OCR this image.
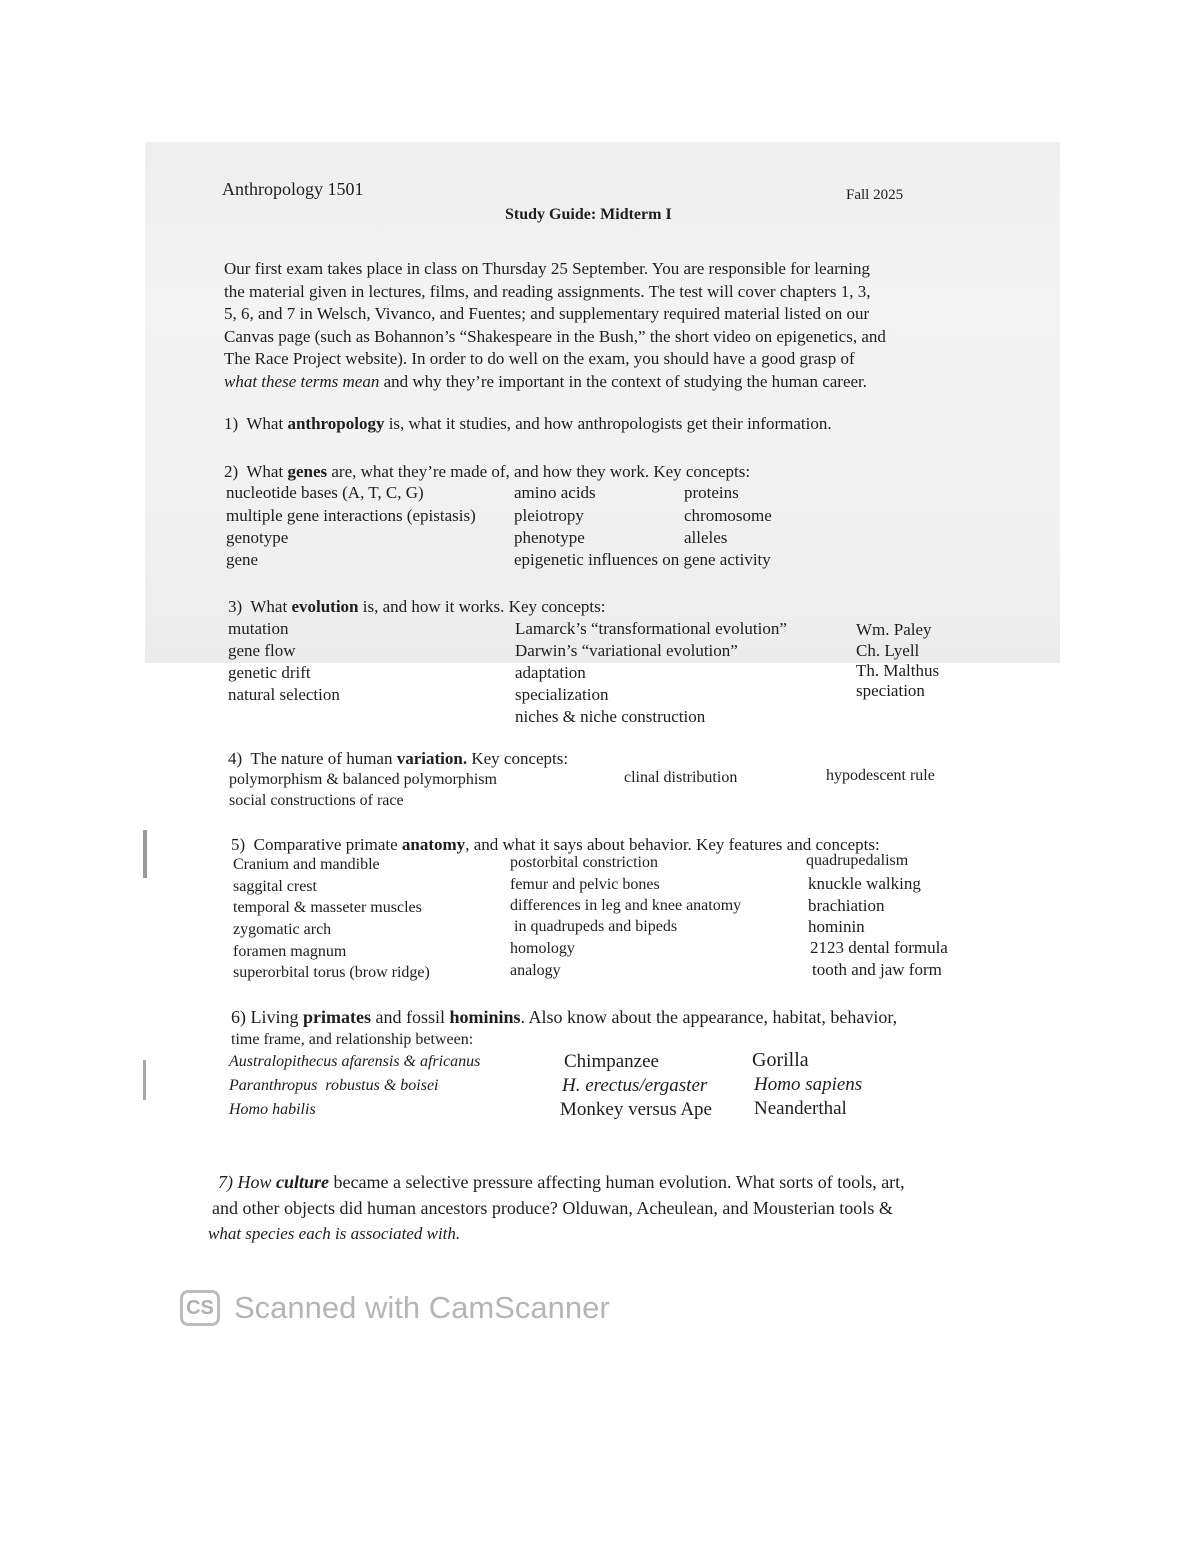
Anthropology 1501	Fall 2025
Study Guide: Midterm I
Our first exam takes place in class on Thursday 25 September. You are responsible for learning
the material given in lectures, films, and reading assignments. The test will cover chapters 1, 3,
5, 6, and 7 in Welsch, Vivanco, and Fuentes; and supplementary required material listed on our
Canvas page (such as Bohannon’s “Shakespeare in the Bush,” the short video on epigenetics, and
The Race Project website). In order to do well on the exam, you should have a good grasp of
what these terms mean and why they’re important in the context of studying the human career.
1) What anthropology is, what it studies, and how anthropologists get their information.
2) What genes are, what they’re made of, and how they work. Key concepts:
nucleotide bases (A, T, C, G)
multiple gene interactions (epistasis)
genotype
gene
amino acids
pleiotropy
phenotype
epigenetic influences on gene activity
proteins
chromosome
alleles
3) What evolution is, and how it works. Key concepts:
mutation
gene flow
genetic drift
natural selection
Lamarck’s “transformational evolution”
Darwin’s “variational evolution”
adaptation
specialization
niches & niche construction
Wm. Paley
Ch. Lyell
Th. Malthus
speciation
4) The nature of human variation. Key concepts:
polymorphism & balanced polymorphism
social constructions of race
clinal distribution	hypodescent rule
5) Comparative primate anatomy, and what it says about behavior. Key features and concepts:
Cranium and mandible
saggital crest
temporal & masseter muscles
zygomatic arch
foramen magnum
superorbital torus (brow ridge)
postorbital constriction
femur and pelvic bones
differences in leg and knee anatomy
in quadrupeds and bipeds
homology
analogy
quadrupedalism
knuckle walking
brachiation
hominin
2123 dental formula
tooth and jaw form
6) Living primates and fossil hominins. Also know about the appearance, habitat, behavior,
time frame, and relationship between:
Australopithecus afarensis & africanus
Paranthropus  robustus & boisei
Homo habilis
Chimpanzee
H. erectus/ergaster
Monkey versus Ape
Gorilla
Homo sapiens
Neanderthal
7) How culture became a selective pressure affecting human evolution. What sorts of tools, art,
and other objects did human ancestors produce? Olduwan, Acheulean, and Mousterian tools &
what species each is associated with.
CS Scanned with CamScanner
